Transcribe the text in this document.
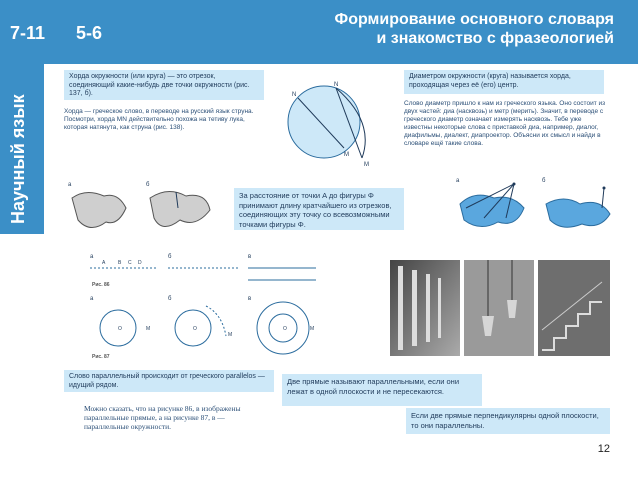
7-11 5-6
Формирование основного словаря
и знакомство с фразеологией
Научный язык
Хорда окружности (или круга) — это отрезок, соединяющий какие-нибудь две точки окружности (рис. 137, б).
Хорда — греческое слово, в переводе на русский язык струна. Посмотри, хорда MN действительно похожа на тетиву лука, которая натянута, как струна (рис. 138).
N
M
N
M
Диаметром окружности (круга) называется хорда, проходящая через её (его) центр.
Слово диаметр пришло к нам из греческого языка. Оно состоит из двух частей: диа (насквозь) и метр (мерить). Значит, в переводе с греческого диаметр означает измерять насквозь. Тебе уже известны некоторые слова с приставкой диа, например, диалог, диафильмы, диалект, диапроектор. Объясни их смысл и найди в словаре ещё такие слова.
а	б
За расстояние от точки A до фигуры Φ принимают длину кратчайшего из отрезков, соединяющих эту точку со всевозможными точками фигуры Φ.
а	б
а	б	в
A	B C D
Рис. 86
а	б	в
O	O	O
M
M
M
Рис. 87
Слово параллельный происходит от греческого parallelos — идущий рядом.	Две прямые называют параллельными, если они лежат в одной плоскости и не пересекаются.
Можно сказать, что на рисунке 86, в изображены параллельные прямые, а на рисунке 87, в — параллельные окружности.
Если две прямые перпендикулярны одной плоскости, то они параллельны.
12
